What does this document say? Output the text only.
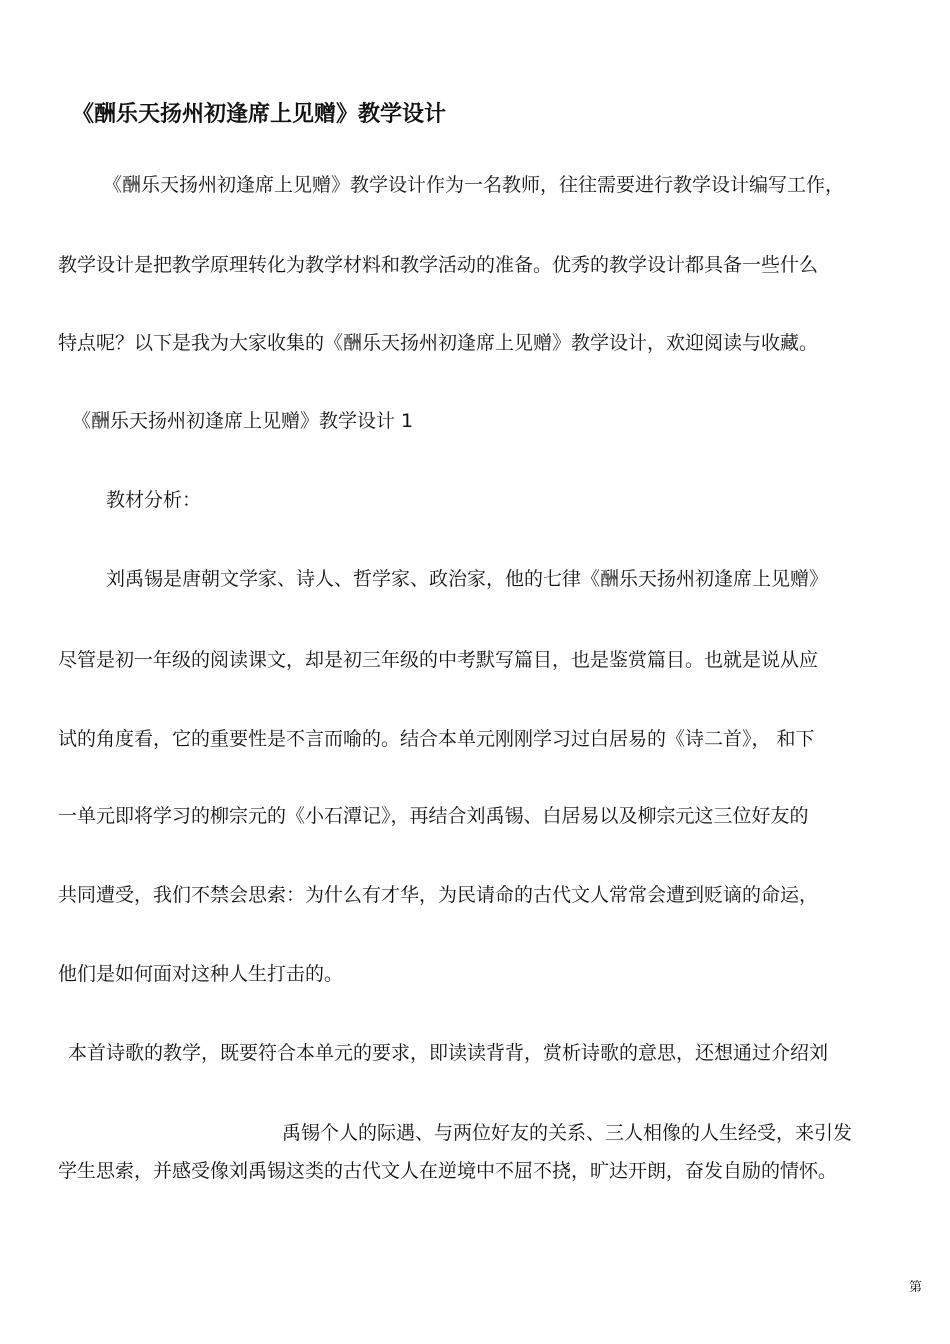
《酬乐天扬州初逢席上见赠》教学设计

《酬乐天扬州初逢席上见赠》教学设计作为一名教师，往往需要进行教学设计编写工作，

教学设计是把教学原理转化为教学材料和教学活动的准备。优秀的教学设计都具备一些什么

特点呢？以下是我为大家收集的《酬乐天扬州初逢席上见赠》教学设计，欢迎阅读与收藏。

《酬乐天扬州初逢席上见赠》教学设计 1

教材分析：

刘禹锡是唐朝文学家、诗人、哲学家、政治家，他的七律《酬乐天扬州初逢席上见赠》

尽管是初一年级的阅读课文，却是初三年级的中考默写篇目，也是鉴赏篇目。也就是说从应

试的角度看，它的重要性是不言而喻的。结合本单元刚刚学习过白居易的《诗二首》， 和下

一单元即将学习的柳宗元的《小石潭记》，再结合刘禹锡、白居易以及柳宗元这三位好友的

共同遭受，我们不禁会思索：为什么有才华，为民请命的古代文人常常会遭到贬谪的命运，

他们是如何面对这种人生打击的。

本首诗歌的教学，既要符合本单元的要求，即读读背背，赏析诗歌的意思，还想通过介绍刘

禹锡个人的际遇、与两位好友的关系、三人相像的人生经受，来引发

学生思索，并感受像刘禹锡这类的古代文人在逆境中不屈不挠，旷达开朗，奋发自励的情怀。

第
